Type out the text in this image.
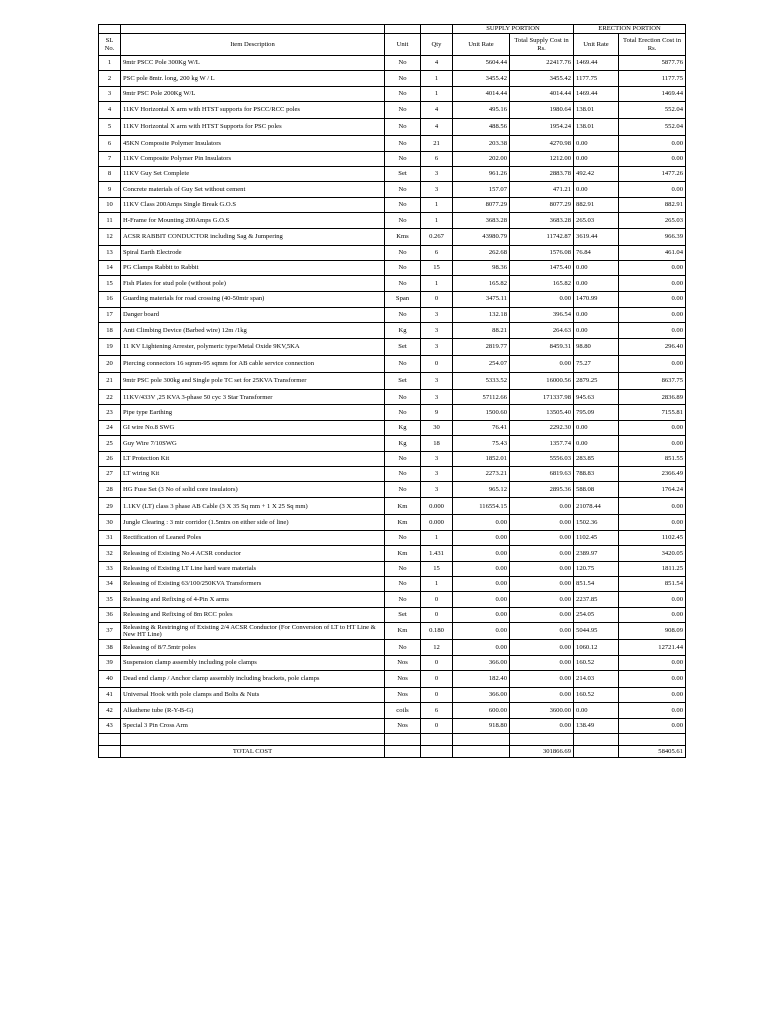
				SUPPLY PORTION		ERECTION PORTION	
SL No.	Item Description	Unit	Qty	Unit Rate	Total Supply Cost in Rs.	Unit Rate	Total Erection Cost in Rs.
1	9mtr PSCC Pole 300Kg W/L	No	4	5604.44	22417.76	1469.44	5877.76
2	PSC pole 8mtr. long, 200 kg W / L	No	1	3455.42	3455.42	1177.75	1177.75
3	9mtr PSC Pole 200Kg W/L	No	1	4014.44	4014.44	1469.44	1469.44
4	11KV Horizontal X arm with HTST supports for PSCC/RCC poles	No	4	495.16	1980.64	138.01	552.04
5	11KV Horizontal X arm with HTST Supports for PSC poles	No	4	488.56	1954.24	138.01	552.04
6	45KN Composite Polymer Insulators	No	21	203.38	4270.98	0.00	0.00
7	11KV Composite Polymer Pin Insulators	No	6	202.00	1212.00	0.00	0.00
8	11KV Guy Set Complete	Set	3	961.26	2883.78	492.42	1477.26
9	Concrete materials of Guy Set without cement	No	3	157.07	471.21	0.00	0.00
10	11KV Class 200Amps Single Break G.O.S	No	1	8077.29	8077.29	882.91	882.91
11	H-Frame for Mounting 200Amps G.O.S	No	1	3683.28	3683.28	265.03	265.03
12	ACSR RABBIT CONDUCTOR including Sag & Jumpering	Kms	0.267	43980.79	11742.87	3619.44	966.39
13	Spiral Earth Electrode	No	6	262.68	1576.08	76.84	461.04
14	PG Clamps Rabbit to Rabbit	No	15	98.36	1475.40	0.00	0.00
15	Fish Plates for stud pole (without pole)	No	1	165.82	165.82	0.00	0.00
16	Guarding materials for road crossing (40-50mtr span)	Span	0	3475.11	0.00	1470.99	0.00
17	Danger board	No	3	132.18	396.54	0.00	0.00
18	Anti Climbing Device (Barbed wire) 12m /1kg	Kg	3	88.21	264.63	0.00	0.00
19	11 KV Lightening Arrester, polymeric type/Metal Oxide 9KV,5KA	Set	3	2819.77	8459.31	98.80	296.40
20	Piercing connectors 16 sqmm-95 sqmm for AB cable service connection	No	0	254.07	0.00	75.27	0.00
21	9mtr PSC pole 300kg and Single pole TC set for 25KVA Transformer	Set	3	5333.52	16000.56	2879.25	8637.75
22	11KV/433V ,25 KVA 3-phase 50 cyc 3 Star Transformer	No	3	57112.66	171337.98	945.63	2836.89
23	Pipe type Earthing	No	9	1500.60	13505.40	795.09	7155.81
24	GI wire No.8 SWG	Kg	30	76.41	2292.30	0.00	0.00
25	Guy Wire 7/10SWG	Kg	18	75.43	1357.74	0.00	0.00
26	LT Protection Kit	No	3	1852.01	5556.03	283.85	851.55
27	LT wiring Kit	No	3	2273.21	6819.63	788.83	2366.49
28	HG Fuse Set (3 No of solid core insulators)	No	3	965.12	2895.36	588.08	1764.24
29	1.1KV (LT) class 3 phase AB Cable (3 X 35 Sq mm + 1 X 25 Sq mm)	Km	0.000	116554.15	0.00	21078.44	0.00
30	Jungle Clearing : 3 mtr corridor (1.5mtrs on either side of line)	Km	0.000	0.00	0.00	1502.36	0.00
31	Rectification of Leaned Poles	No	1	0.00	0.00	1102.45	1102.45
32	Releasing of Existing No.4 ACSR conductor	Km	1.431	0.00	0.00	2389.97	3420.05
33	Releasing of Existing LT Line hard ware materials	No	15	0.00	0.00	120.75	1811.25
34	Releasing of Existing 63/100/250KVA Transformers	No	1	0.00	0.00	851.54	851.54
35	Releasing and Refixing of 4-Pin X arms	No	0	0.00	0.00	2237.85	0.00
36	Releasing and Refixing of 8m RCC poles	Set	0	0.00	0.00	254.05	0.00
37	Releasing & Restringing of Existing 2/4 ACSR Conductor (For Conversion of LT to HT Line & New HT Line)	Km	0.180	0.00	0.00	5044.95	908.09
38	Releasing of 8/7.5mtr poles	No	12	0.00	0.00	1060.12	12721.44
39	Suspension clamp assembly including pole clamps	Nos	0	366.00	0.00	160.52	0.00
40	Dead end clamp / Anchor clamp assembly including brackets, pole clamps	Nos	0	182.40	0.00	214.03	0.00
41	Universal Hook with pole clamps and Bolts & Nuts	Nos	0	366.00	0.00	160.52	0.00
42	Alkathene tube (R-Y-B-G)	coils	6	600.00	3600.00	0.00	0.00
43	Special 3 Pin Cross Arm	Nos	0	918.80	0.00	138.49	0.00

	TOTAL COST				301866.69		58405.61
